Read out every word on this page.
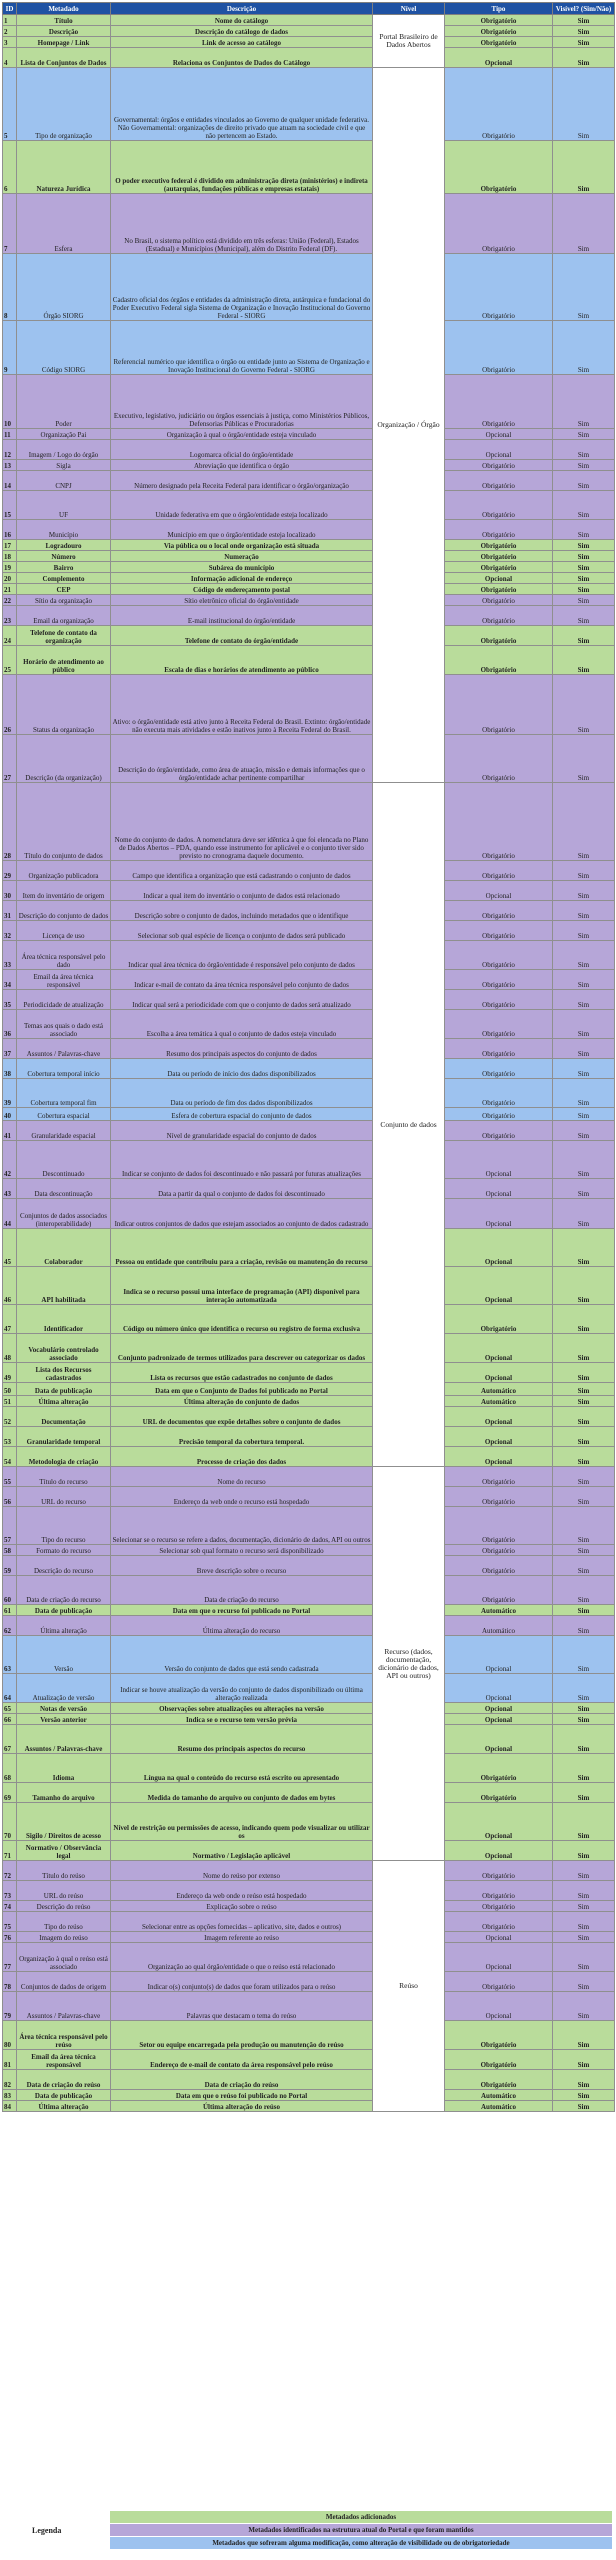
ID	Metadado	Descrição	Nível	Tipo	Visível? (Sim/Não)
1	Título	Nome do catálogo	Portal Brasileiro de Dados Abertos	Obrigatório	Sim
2	Descrição	Descrição do catálogo de dados		Obrigatório	Sim
3	Homepage / Link	Link de acesso ao catálogo		Obrigatório	Sim
4	Lista de Conjuntos de Dados	Relaciona os Conjuntos de Dados do Catálogo		Opcional	Sim
5	Tipo de organização	Governamental: órgãos e entidades vinculados ao Governo de qualquer unidade federativa. Não Governamental: organizações de direito privado que atuam na sociedade civil e que não pertencem ao Estado.	Organização / Órgão	Obrigatório	Sim
6	Natureza Jurídica	O poder executivo federal é dividido em administração direta (ministérios) e indireta (autarquias, fundações públicas e empresas estatais)		Obrigatório	Sim
7	Esfera	No Brasil, o sistema político está dividido em três esferas: União (Federal), Estados (Estadual) e Municípios (Municipal), além do Distrito Federal (DF).		Obrigatório	Sim
8	Órgão SIORG	Cadastro oficial dos órgãos e entidades da administração direta, autárquica e fundacional do Poder Executivo Federal sigla Sistema de Organização e Inovação Institucional do Governo Federal - SIORG		Obrigatório	Sim
9	Código SIORG	Referencial numérico que identifica o órgão ou entidade junto ao Sistema de Organização e Inovação Institucional do Governo Federal - SIORG		Obrigatório	Sim
10	Poder	Executivo, legislativo, judiciário ou órgãos essenciais à justiça, como Ministérios Públicos, Defensorias Públicas e Procuradorias		Obrigatório	Sim
11	Organização Pai	Organização à qual o órgão/entidade esteja vinculado		Opcional	Sim
12	Imagem / Logo do órgão	Logomarca oficial do órgão/entidade		Opcional	Sim
13	Sigla	Abreviação que identifica o órgão		Obrigatório	Sim
14	CNPJ	Número designado pela Receita Federal para identificar o órgão/organização		Obrigatório	Sim
15	UF	Unidade federativa em que o órgão/entidade esteja localizado		Obrigatório	Sim
16	Município	Município em que o órgão/entidade esteja localizado		Obrigatório	Sim
17	Logradouro	Via pública ou o local onde organização está situada		Obrigatório	Sim
18	Número	Numeração		Obrigatório	Sim
19	Bairro	Subárea do município		Obrigatório	Sim
20	Complemento	Informação adicional de endereço		Opcional	Sim
21	CEP	Código de endereçamento postal		Obrigatório	Sim
22	Sítio da organização	Sítio eletrônico oficial do órgão/entidade		Obrigatório	Sim
23	Email da organização	E-mail institucional do órgão/entidade		Obrigatório	Sim
24	Telefone de contato da organização	Telefone de contato do órgão/entidade		Obrigatório	Sim
25	Horário de atendimento ao público	Escala de dias e horários de atendimento ao público		Obrigatório	Sim
26	Status da organização	Ativo: o órgão/entidade está ativo junto à Receita Federal do Brasil. Extinto: órgão/entidade não executa mais atividades e estão inativos junto à Receita Federal do Brasil.		Obrigatório	Sim
27	Descrição (da organização)	Descrição do órgão/entidade, como área de atuação, missão e demais informações que o órgão/entidade achar pertinente compartilhar		Obrigatório	Sim
28	Título do conjunto de dados	Nome do conjunto de dados. A nomenclatura deve ser idêntica à que foi elencada no Plano de Dados Abertos – PDA, quando esse instrumento for aplicável e o conjunto tiver sido previsto no cronograma daquele documento.	Conjunto de dados	Obrigatório	Sim
29	Organização publicadora	Campo que identifica a organização que está cadastrando o conjunto de dados		Obrigatório	Sim
30	Item do inventário de origem	Indicar a qual item do inventário o conjunto de dados está relacionado		Opcional	Sim
31	Descrição do conjunto de dados	Descrição sobre o conjunto de dados, incluindo metadados que o identifique		Obrigatório	Sim
32	Licença de uso	Selecionar sob qual espécie de licença o conjunto de dados será publicado		Obrigatório	Sim
33	Área técnica responsável pelo dado	Indicar qual área técnica do órgão/entidade é responsável pelo conjunto de dados		Obrigatório	Sim
34	Email da área técnica responsável	Indicar e-mail de contato da área técnica responsável pelo conjunto de dados		Obrigatório	Sim
35	Periodicidade de atualização	Indicar qual será a periodicidade com que o conjunto de dados será atualizado		Obrigatório	Sim
36	Temas aos quais o dado está associado	Escolha a área temática à qual o conjunto de dados esteja vinculado		Obrigatório	Sim
37	Assuntos / Palavras-chave	Resumo dos principais aspectos do conjunto de dados		Obrigatório	Sim
38	Cobertura temporal início	Data ou período de início dos dados disponibilizados		Obrigatório	Sim
39	Cobertura temporal fim	Data ou período de fim dos dados disponibilizados		Obrigatório	Sim
40	Cobertura espacial	Esfera de cobertura espacial do conjunto de dados		Obrigatório	Sim
41	Granularidade espacial	Nível de granularidade espacial do conjunto de dados		Obrigatório	Sim
42	Descontinuado	Indicar se conjunto de dados foi descontinuado e não passará por futuras atualizações		Opcional	Sim
43	Data descontinuação	Data a partir da qual o conjunto de dados foi descontinuado		Opcional	Sim
44	Conjuntos de dados associados (interoperabilidade)	Indicar outros conjuntos de dados que estejam associados ao conjunto de dados cadastrado		Opcional	Sim
45	Colaborador	Pessoa ou entidade que contribuiu para a criação, revisão ou manutenção do recurso		Opcional	Sim
46	API habilitada	Indica se o recurso possui uma interface de programação (API) disponível para interação automatizada		Opcional	Sim
47	Identificador	Código ou número único que identifica o recurso ou registro de forma exclusiva		Obrigatório	Sim
48	Vocabulário controlado associado	Conjunto padronizado de termos utilizados para descrever ou categorizar os dados		Opcional	Sim
49	Lista dos Recursos cadastrados	Lista os recursos que estão cadastrados no conjunto de dados		Opcional	Sim
50	Data de publicação	Data em que o Conjunto de Dados foi publicado no Portal		Automático	Sim
51	Última alteração	Última alteração do conjunto de dados		Automático	Sim
52	Documentação	URL de documentos que expõe detalhes sobre o conjunto de dados		Opcional	Sim
53	Granularidade temporal	Precisão temporal da cobertura temporal.		Opcional	Sim
54	Metodologia de criação	Processo de criação dos dados		Opcional	Sim
55	Título do recurso	Nome do recurso	Recurso (dados, documentação, dicionário de dados, API ou outros)	Obrigatório	Sim
56	URL do recurso	Endereço da web onde o recurso está hospedado		Obrigatório	Sim
57	Tipo do recurso	Selecionar se o recurso se refere a dados, documentação, dicionário de dados, API ou outros		Obrigatório	Sim
58	Formato do recurso	Selecionar sob qual formato o recurso será disponibilizado		Obrigatório	Sim
59	Descrição do recurso	Breve descrição sobre o recurso		Obrigatório	Sim
60	Data de criação do recurso	Data de criação do recurso		Obrigatório	Sim
61	Data de publicação	Data em que o recurso foi publicado no Portal		Automático	Sim
62	Última alteração	Última alteração do recurso		Automático	Sim
63	Versão	Versão do conjunto de dados que está sendo cadastrada		Opcional	Sim
64	Atualização de versão	Indicar se houve atualização da versão do conjunto de dados disponibilizado ou última alteração realizada		Opcional	Sim
65	Notas de versão	Observações sobre atualizações ou alterações na versão		Opcional	Sim
66	Versão anterior	Indica se o recurso tem versão prévia		Opcional	Sim
67	Assuntos / Palavras-chave	Resumo dos principais aspectos do recurso		Opcional	Sim
68	Idioma	Língua na qual o conteúdo do recurso está escrito ou apresentado		Obrigatório	Sim
69	Tamanho do arquivo	Medida do tamanho do arquivo ou conjunto de dados em bytes		Obrigatório	Sim
70	Sigilo / Direitos de acesso	Nível de restrição ou permissões de acesso, indicando quem pode visualizar ou utilizar os		Opcional	Sim
71	Normativo / Observância legal	Normativo / Legislação aplicável		Opcional	Sim
72	Título do reúso	Nome do reúso por extenso	Reúso	Obrigatório	Sim
73	URL do reúso	Endereço da web onde o reúso está hospedado		Obrigatório	Sim
74	Descrição do reúso	Explicação sobre o reúso		Obrigatório	Sim
75	Tipo do reúso	Selecionar entre as opções fornecidas – aplicativo, site, dados e outros)		Obrigatório	Sim
76	Imagem do reúso	Imagem referente ao reúso		Opcional	Sim
77	Organização à qual o reúso está associado	Organização ao qual órgão/entidade o que o reúso está relacionado		Opcional	Sim
78	Conjuntos de dados de origem	Indicar o(s) conjunto(s) de dados que foram utilizados para o reúso		Obrigatório	Sim
79	Assuntos / Palavras-chave	Palavras que destacam o tema do reúso		Opcional	Sim
80	Área técnica responsável pelo reúso	Setor ou equipe encarregada pela produção ou manutenção do reúso		Obrigatório	Sim
81	Email da área técnica responsável	Endereço de e-mail de contato da área responsável pelo reúso		Obrigatório	Sim
82	Data de criação do reúso	Data de criação do reúso		Obrigatório	Sim
83	Data de publicação	Data em que o reúso foi publicado no Portal		Automático	Sim
84	Última alteração	Última alteração do reúso		Automático	Sim
Legenda
Metadados adicionados
Metadados identificados na estrutura atual do Portal e que foram mantidos
Metadados que sofreram alguma modificação, como alteração de visibilidade ou de obrigatoriedade
